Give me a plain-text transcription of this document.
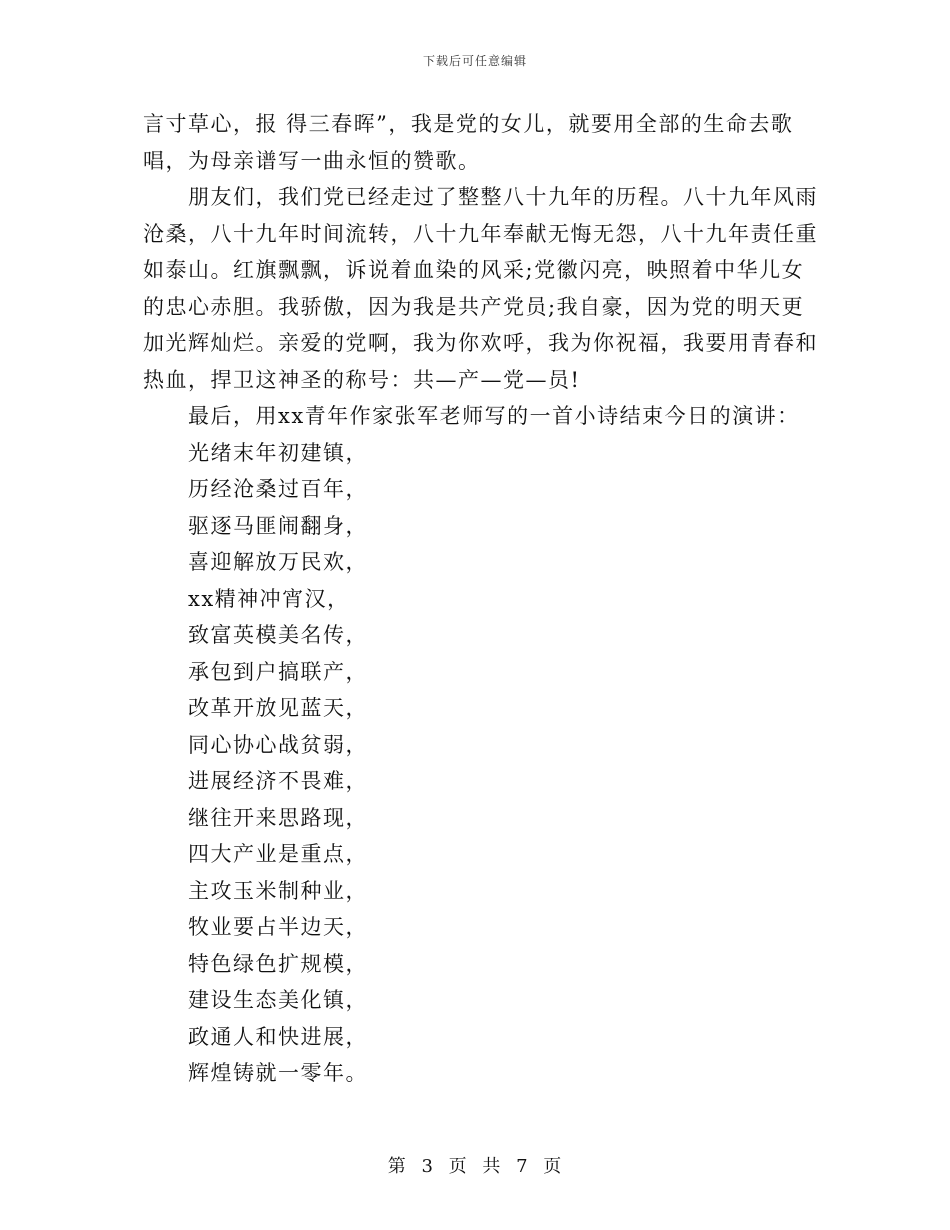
下载后可任意编辑

言寸草心，报 得三春晖”，我是党的女儿，就要用全部的生命去歌唱，为母亲谱写一曲永恒的赞歌。

朋友们，我们党已经走过了整整八十九年的历程。八十九年风雨沧桑，八十九年时间流转，八十九年奉献无悔无怨，八十九年责任重如泰山。红旗飘飘，诉说着血染的风采;党徽闪亮，映照着中华儿女的忠心赤胆。我骄傲，因为我是共产党员;我自豪，因为党的明天更加光辉灿烂。亲爱的党啊，我为你欢呼，我为你祝福，我要用青春和热血，捍卫这神圣的称号：共—产—党—员!

最后，用xx青年作家张军老师写的一首小诗结束今日的演讲：

光绪末年初建镇，
历经沧桑过百年，
驱逐马匪闹翻身，
喜迎解放万民欢，
xx精神冲宵汉，
致富英模美名传，
承包到户搞联产，
改革开放见蓝天，
同心协心战贫弱，
进展经济不畏难，
继往开来思路现，
四大产业是重点，
主攻玉米制种业，
牧业要占半边天，
特色绿色扩规模，
建设生态美化镇，
政通人和快进展，
辉煌铸就一零年。
第 3 页 共 7 页
